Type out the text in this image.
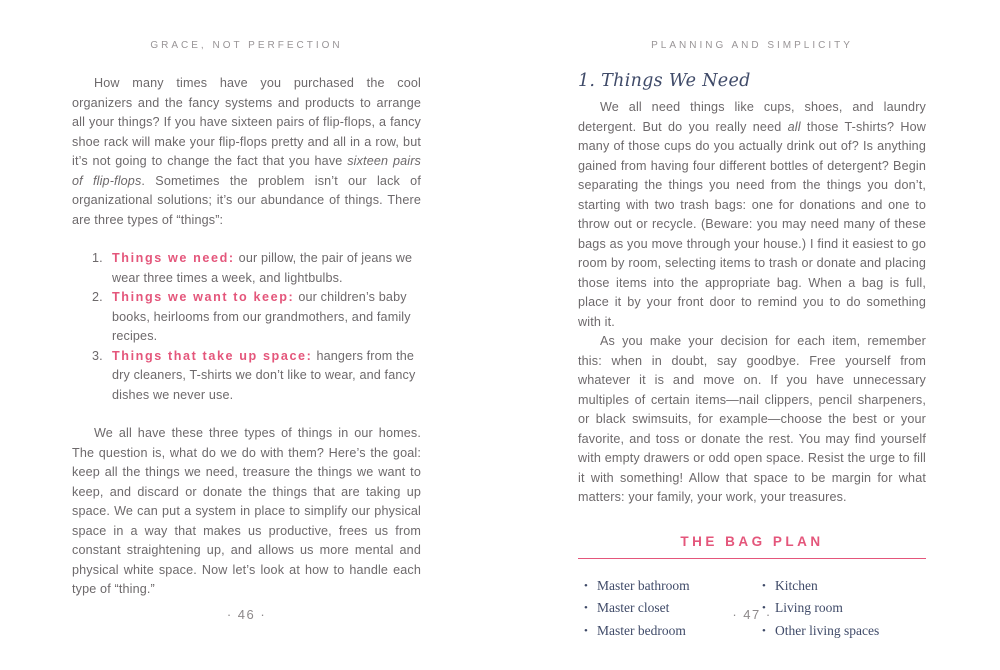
GRACE, NOT PERFECTION

How many times have you purchased the cool organizers and the fancy systems and products to arrange all your things? If you have sixteen pairs of flip-flops, a fancy shoe rack will make your flip-flops pretty and all in a row, but it’s not going to change the fact that you have sixteen pairs of flip-flops. Sometimes the problem isn’t our lack of organizational solutions; it’s our abundance of things. There are three types of “things”:

1. Things we need: our pillow, the pair of jeans we wear three times a week, and lightbulbs.
2. Things we want to keep: our children’s baby books, heirlooms from our grandmothers, and family recipes.
3. Things that take up space: hangers from the dry cleaners, T-shirts we don’t like to wear, and fancy dishes we never use.

We all have these three types of things in our homes. The question is, what do we do with them? Here’s the goal: keep all the things we need, treasure the things we want to keep, and discard or donate the things that are taking up space. We can put a system in place to simplify our physical space in a way that makes us productive, frees us from constant straightening up, and allows us more mental and physical white space. Now let’s look at how to handle each type of “thing.”

PLANNING AND SIMPLICITY
1. Things We Need

We all need things like cups, shoes, and laundry detergent. But do you really need all those T-shirts? How many of those cups do you actually drink out of? Is anything gained from having four different bottles of detergent? Begin separating the things you need from the things you don’t, starting with two trash bags: one for donations and one to throw out or recycle. (Beware: you may need many of these bags as you move through your house.) I find it easiest to go room by room, selecting items to trash or donate and placing those items into the appropriate bag. When a bag is full, place it by your front door to remind you to do something with it.

As you make your decision for each item, remember this: when in doubt, say goodbye. Free yourself from whatever it is and move on. If you have unnecessary multiples of certain items—nail clippers, pencil sharpeners, or black swimsuits, for example—choose the best or your favorite, and toss or donate the rest. You may find yourself with empty drawers or odd open space. Resist the urge to fill it with something! Allow that space to be margin for what matters: your family, your work, your treasures.

THE BAG PLAN
• Master bathroom
• Master closet
• Master bedroom
• Kitchen
• Living room
• Other living spaces
· 46 ·	· 47 ·
